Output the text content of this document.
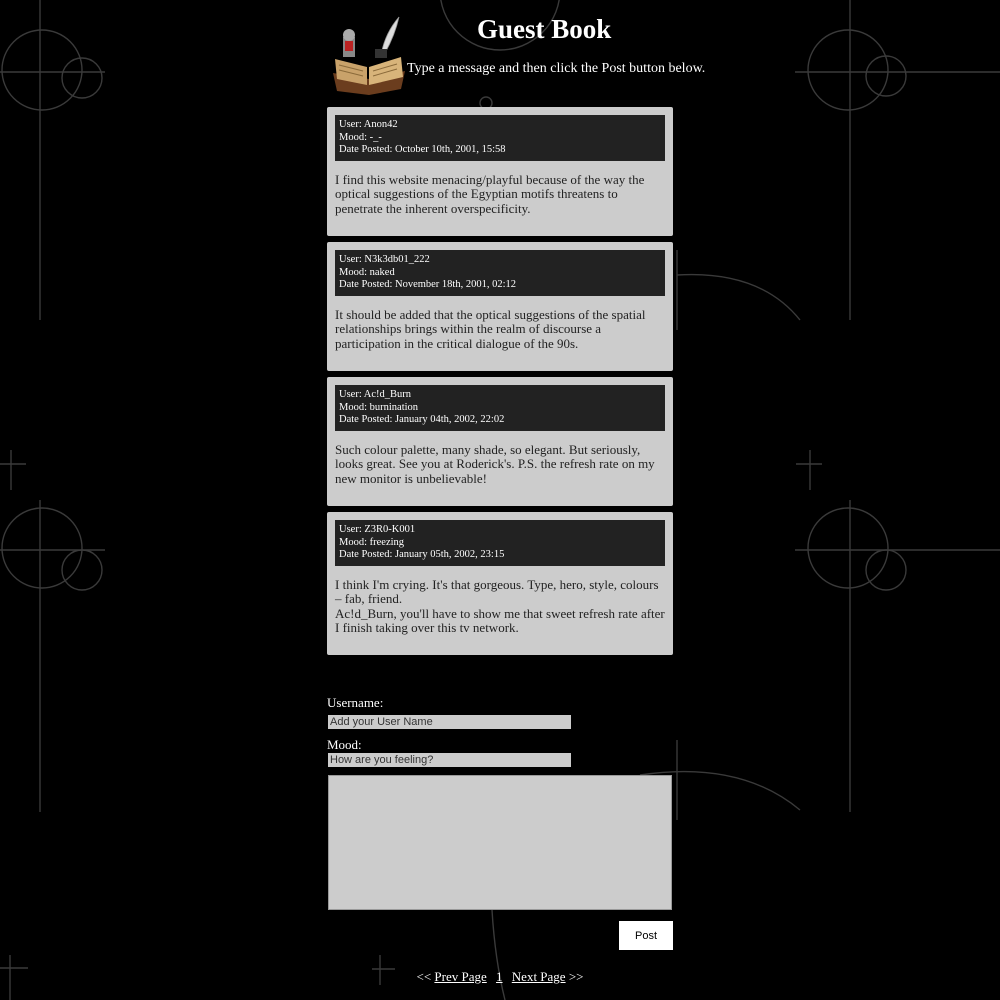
Guest Book

Type a message and then click the Post button below.

User: Anon42
Mood: -_-
Date Posted: October 10th, 2001, 15:58

I find this website menacing/playful because of the way the optical suggestions of the Egyptian motifs threatens to penetrate the inherent overspecificity.

User: N3k3db01_222
Mood: naked
Date Posted: November 18th, 2001, 02:12

It should be added that the optical suggestions of the spatial relationships brings within the realm of discourse a participation in the critical dialogue of the 90s.

User: Ac!d_Burn
Mood: burnination
Date Posted: January 04th, 2002, 22:02

Such colour palette, many shade, so elegant. But seriously, looks great. See you at Roderick's. P.S. the refresh rate on my new monitor is unbelievable!

User: Z3R0-K001
Mood: freezing
Date Posted: January 05th, 2002, 23:15

I think I'm crying. It's that gorgeous. Type, hero, style, colours – fab, friend.

Ac!d_Burn, you'll have to show me that sweet refresh rate after I finish taking over this tv network.

Username:
Add your User Name
Mood:
How are you feeling?
Post
<< Prev Page 1 Next Page >>
